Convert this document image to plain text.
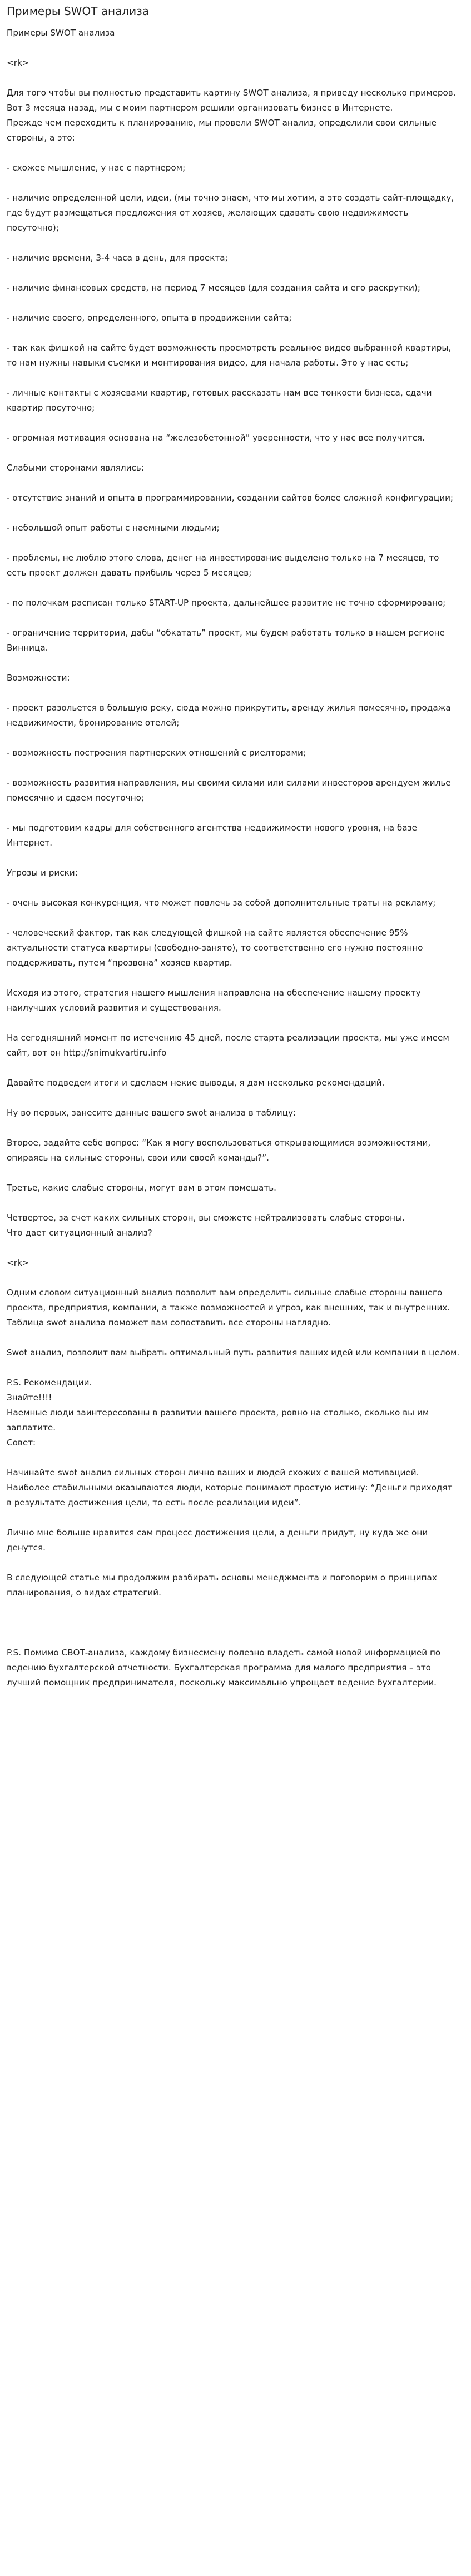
Примеры SWOT анализа

Примеры SWOT анализа

<rk>

Для того чтобы вы полностью представить картину SWOT анализа, я приведу несколько примеров.

Вот 3 месяца назад, мы с моим партнером решили организовать бизнес в Интернете.

Прежде чем переходить к планированию, мы провели SWOT анализ, определили свои сильные стороны, а это:

- схожее мышление, у нас с партнером;

- наличие определенной цели, идеи, (мы точно знаем, что мы хотим, а это создать сайт-площадку, где будут размещаться предложения от хозяев, желающих сдавать свою недвижимость посуточно);

- наличие времени, 3-4 часа в день, для проекта;

- наличие финансовых средств, на период 7 месяцев (для создания сайта и его раскрутки);

- наличие своего, определенного, опыта в продвижении сайта;

- так как фишкой на сайте будет возможность просмотреть реальное видео выбранной квартиры, то нам нужны навыки съемки и монтирования видео, для начала работы. Это у нас есть;

- личные контакты с хозяевами квартир, готовых рассказать нам все тонкости бизнеса, сдачи квартир посуточно;

- огромная мотивация основана на “железобетонной” уверенности, что у нас все получится.

Слабыми сторонами являлись:

- отсутствие знаний и опыта в программировании, создании сайтов более сложной конфигурации;

- небольшой опыт работы с наемными людьми;

- проблемы, не люблю этого слова, денег на инвестирование выделено только на 7 месяцев, то есть проект должен давать прибыль через 5 месяцев;

- по полочкам расписан только START-UP проекта, дальнейшее развитие не точно сформировано;

- ограничение территории, дабы “обкатать” проект, мы будем работать только в нашем регионе Винница.

Возможности:

- проект разольется в большую реку, сюда можно прикрутить, аренду жилья помесячно, продажа недвижимости, бронирование отелей;

- возможность построения партнерских отношений с риелторами;

- возможность развития направления, мы своими силами или силами инвесторов арендуем жилье помесячно и сдаем посуточно;

- мы подготовим кадры для собственного агентства недвижимости нового уровня, на базе Интернет.

Угрозы и риски:

- очень высокая конкуренция, что может повлечь за собой дополнительные траты на рекламу;

- человеческий фактор, так как следующей фишкой на сайте является обеспечение 95% актуальности статуса квартиры (свободно-занято), то соответственно его нужно постоянно поддерживать, путем “прозвона” хозяев квартир.

Исходя из этого, стратегия нашего мышления направлена на обеспечение нашему проекту наилучших условий развития и существования.

На сегодняшний момент по истечению 45 дней, после старта реализации проекта, мы уже имеем сайт, вот он http://snimukvartiru.info

Давайте подведем итоги и сделаем некие выводы, я дам несколько рекомендаций.

Ну во первых, занесите данные вашего swot анализа в таблицу:

Второе, задайте себе вопрос: “Как я могу воспользоваться открывающимися возможностями, опираясь на сильные стороны, свои или своей команды?”.

Третье, какие слабые стороны, могут вам в этом помешать.

Четвертое, за счет каких сильных сторон, вы сможете нейтрализовать слабые стороны.

Что дает ситуационный анализ?

<rk>

Одним словом ситуационный анализ позволит вам определить сильные слабые стороны вашего проекта, предприятия, компании, а также возможностей и угроз, как внешних, так и внутренних. Таблица swot анализа поможет вам сопоставить все стороны наглядно.

Swot анализ, позволит вам выбрать оптимальный путь развития ваших идей или компании в целом.

P.S. Рекомендации.

Знайте!!!!

Наемные люди заинтересованы в развитии вашего проекта, ровно на столько, сколько вы им заплатите.

Совет:

Начинайте swot анализ сильных сторон лично ваших и людей схожих с вашей мотивацией. Наиболее стабильными оказываются люди, которые понимают простую истину: “Деньги приходят в результате достижения цели, то есть после реализации идеи”.

Лично мне больше нравится сам процесс достижения цели, а деньги придут, ну куда же они денутся.

В следующей статье мы продолжим разбирать основы менеджмента и поговорим о принципах планирования, о видах стратегий.

P.S. Помимо СВОТ-анализа, каждому бизнесмену полезно владеть самой новой информацией по ведению бухгалтерской отчетности. Бухгалтерская программа для малого предприятия – это лучший помощник предпринимателя, поскольку максимально упрощает ведение бухгалтерии.
